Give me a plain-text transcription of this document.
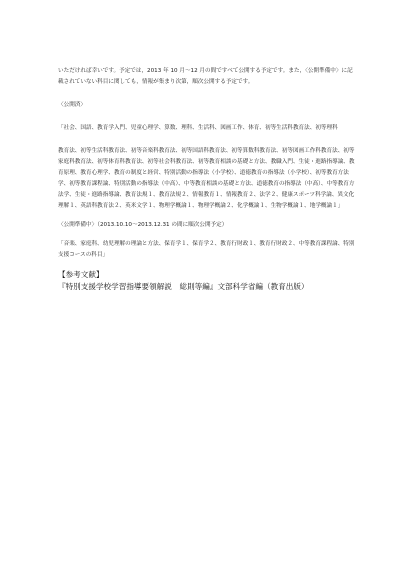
いただければ幸いです。予定では，2013 年 10 月〜12 月の間ですべて公開する予定です。また，〈公開準備中〉に記載されていない科目に関しても，情報が集まり次第，順次公開する予定です。

〈公開済〉

「社会、国語、教育学入門、児童心理学、算数、理科、生活科、図画工作、体育、初等生活科教育法、初等理科

教育法、初等生活科教育法、初等音楽科教育法、初等国語科教育法、初等算数科教育法、初等図画工作科教育法、初等家庭科教育法、初等体育科教育法、初等社会科教育法、初等教育相談の基礎と方法、教職入門、生徒・進路指導論、教育原理、教育心理学、教育の制度と経営、特別活動の指導法（小学校）、道徳教育の指導法（小学校）、初等教育方法学、初等教育課程論、特別活動の指導法（中高）、中等教育相談の基礎と方法、道徳教育の指導法（中高）、中等教育方法学、生徒・進路指導論、教育法規１、教育法規２、情報教育１、情報教育２、法学２、健康スポーツ科学論、異文化理解１、英語科教育法２、英米文学１、物理学概論１、物理学概論２、化学概論１、生物学概論１、地学概論１」

〈公開準備中〉（2013.10.10〜2013.12.31 の間に順次公開予定）

「音楽、家庭科、幼児理解の理論と方法、保育学１、保育学２、教育行財政１、教育行財政２、中等教育課程論、特別支援コースの科目」

【参考文献】

『特別支援学校学習指導要領解説　総則等編』文部科学省編（教育出版）
